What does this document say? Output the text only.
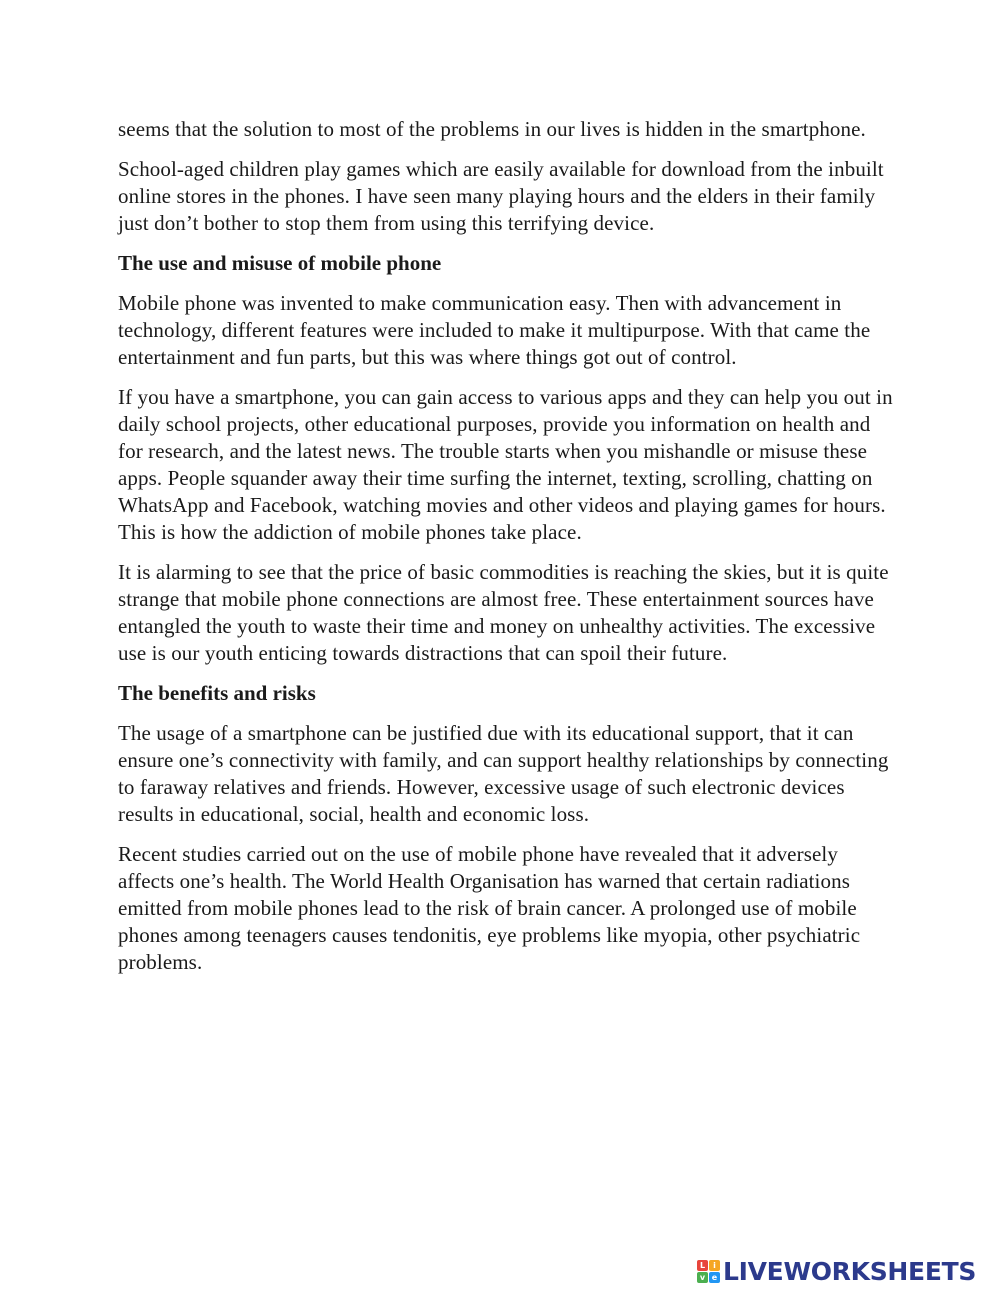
seems that the solution to most of the problems in our lives is hidden in the smartphone.

School-aged children play games which are easily available for download from the inbuilt online stores in the phones. I have seen many playing hours and the elders in their family just don’t bother to stop them from using this terrifying device.

The use and misuse of mobile phone

Mobile phone was invented to make communication easy. Then with advancement in technology, different features were included to make it multipurpose. With that came the entertainment and fun parts, but this was where things got out of control.

If you have a smartphone, you can gain access to various apps and they can help you out in daily school projects, other educational purposes, provide you information on health and for research, and the latest news. The trouble starts when you mishandle or misuse these apps. People squander away their time surfing the internet, texting, scrolling, chatting on WhatsApp and Facebook, watching movies and other videos and playing games for hours. This is how the addiction of mobile phones take place.

It is alarming to see that the price of basic commodities is reaching the skies, but it is quite strange that mobile phone connections are almost free. These entertainment sources have entangled the youth to waste their time and money on unhealthy activities. The excessive use is our youth enticing towards distractions that can spoil their future.

The benefits and risks

The usage of a smartphone can be justified due with its educational support, that it can ensure one’s connectivity with family, and can support healthy relationships by connecting to faraway relatives and friends. However, excessive usage of such electronic devices results in educational, social, health and economic loss.

Recent studies carried out on the use of mobile phone have revealed that it adversely affects one’s health. The World Health Organisation has warned that certain radiations emitted from mobile phones lead to the risk of brain cancer. A prolonged use of mobile phones among teenagers causes tendonitis, eye problems like myopia, other psychiatric problems.

L	i
v e LIVEWORKSHEETS
